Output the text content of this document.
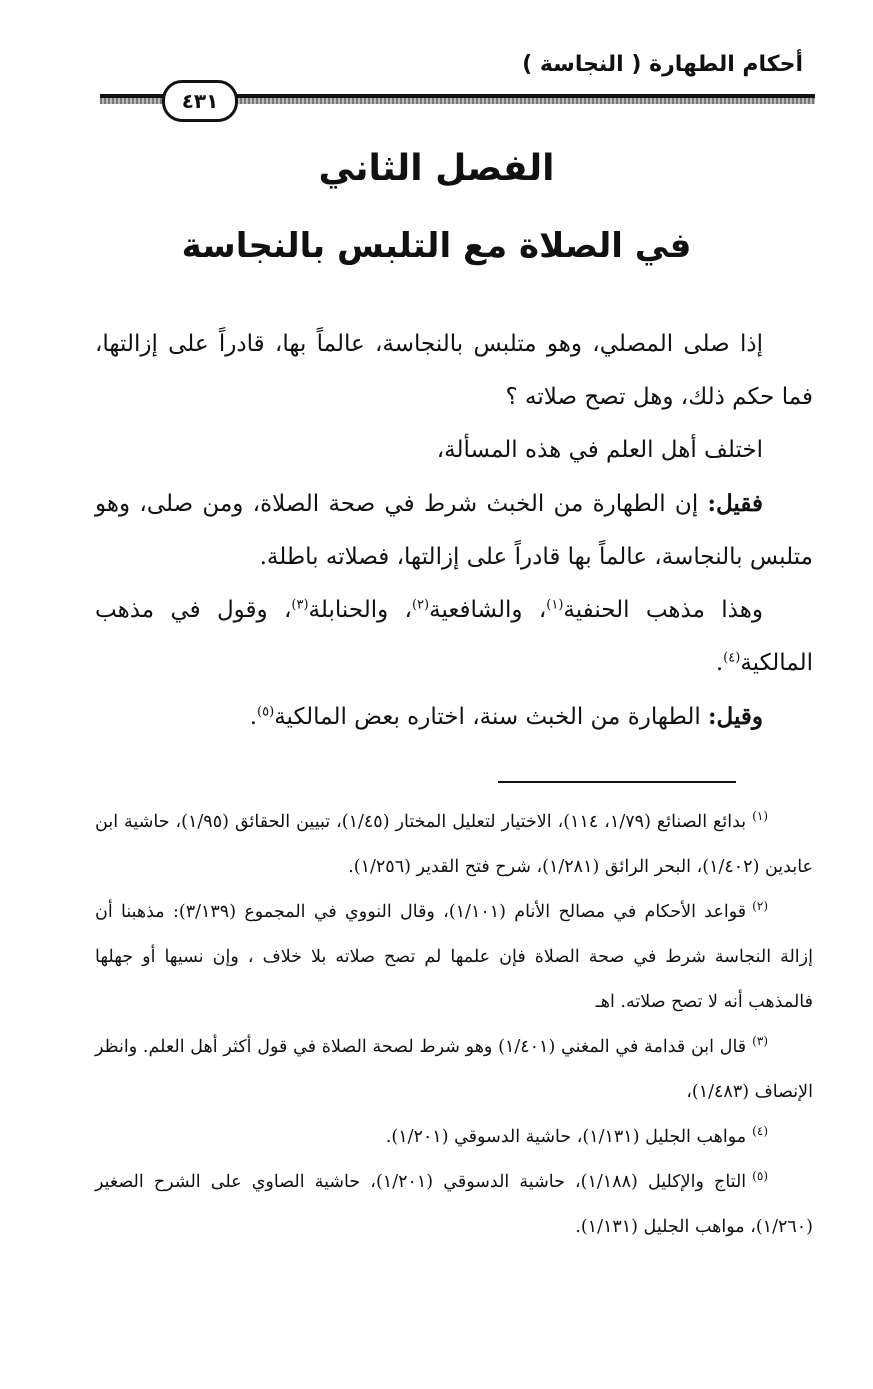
أحكام الطهارة ( النجاسة )
٤٣١
الفصل الثاني
في الصلاة مع التلبس بالنجاسة

إذا صلى المصلي، وهو متلبس بالنجاسة، عالماً بها، قادراً على إزالتها، فما حكم ذلك، وهل تصح صلاته ؟

اختلف أهل العلم في هذه المسألة،

فقيل: إن الطهارة من الخبث شرط في صحة الصلاة، ومن صلى، وهو متلبس بالنجاسة، عالماً بها قادراً على إزالتها، فصلاته باطلة.

وهذا مذهب الحنفية$^{(١)}$، والشافعية$^{(٢)}$، والحنابلة$^{(٣)}$، وقول في مذهب المالكية$^{(٤)}$.

وقيل: الطهارة من الخبث سنة، اختاره بعض المالكية$^{(٥)}$.

$^{(١)}$بدائع الصنائع (١/٧٩، ١١٤)، الاختيار لتعليل المختار (١/٤٥)، تبيين الحقائق (١/٩٥)، حاشية ابن عابدين (١/٤٠٢)، البحر الرائق (١/٢٨١)، شرح فتح القدير (١/٢٥٦).

$^{(٢)}$قواعد الأحكام في مصالح الأنام (١/١٠١)، وقال النووي في المجموع (٣/١٣٩): مذهبنا أن إزالة النجاسة شرط في صحة الصلاة فإن علمها لم تصح صلاته بلا خلاف ، وإن نسيها أو جهلها فالمذهب أنه لا تصح صلاته. اهـ

$^{(٣)}$قال ابن قدامة في المغني (١/٤٠١) وهو شرط لصحة الصلاة في قول أكثر أهل العلم. وانظر الإنصاف (١/٤٨٣)،

$^{(٤)}$مواهب الجليل (١/١٣١)، حاشية الدسوقي (١/٢٠١).

$^{(٥)}$التاج والإكليل (١/١٨٨)، حاشية الدسوقي (١/٢٠١)، حاشية الصاوي على الشرح الصغير (١/٢٦٠)، مواهب الجليل (١/١٣١).
